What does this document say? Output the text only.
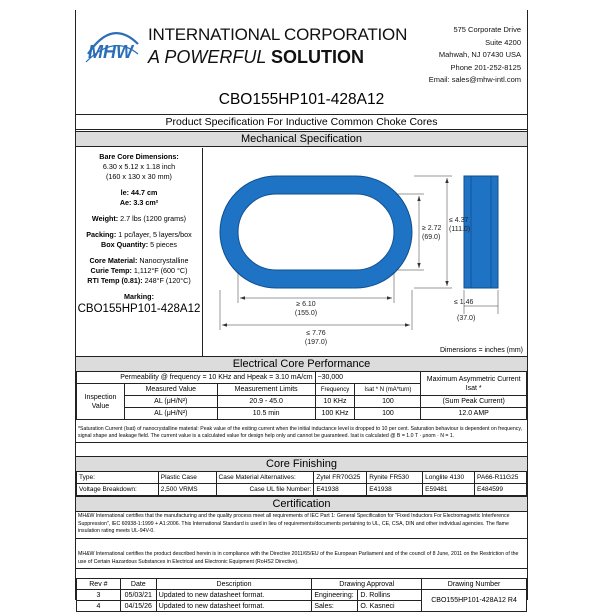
MHW
INTERNATIONAL CORPORATION
A POWERFUL SOLUTION
575 Corporate Drive
Suite 4200
Mahwah, NJ 07430 USA
Phone 201-252-8125
Email: sales@mhw-intl.com
CBO155HP101-428A12
Product Specification For Inductive Common Choke Cores
Mechanical Specification
Bare Core Dimensions:
6.30 x 5.12 x 1.18 inch
(160 x 130 x 30 mm)
le: 44.7 cm
Ae: 3.3 cm²
Weight: 2.7 lbs (1200 grams)
Packing: 1 pc/layer, 5 layers/box
Box Quantity: 5 pieces
Core Material: Nanocrystalline
Curie Temp: 1,112°F (600 °C)
RTI Temp (0.81): 248°F (120°C)
Marking:
CBO155HP101-428A12	≥ 6.10
(155.0)
≤ 7.76
(197.0)
≥ 2.72
(69.0)
≤ 4.37
(111.0)
≤ 1.46
(37.0)
Dimensions = inches (mm)
Electrical Core Performance
Permeability @ frequency = 10 KHz and Hpeak = 3.10 mA/cm			~30,000		Maximum Asymmetric Current Isat *
Inspection Value	Measured Value	Measurement Limits	Frequency	Isat * N (mA*turn)	
	AL (μH/N²)	20.9 - 45.0	10 KHz	100	(Sum Peak Current)
	AL (μH/N²)	10.5 min	100 KHz	100	12.0 AMP
*Saturation Current (Isat) of nanocrystalline material: Peak value of the exiting current when the initial inductance level is dropped to 10 per cent. Saturation behaviour is dependent on frequency, signal shape and leakage field. The current value is a calculated value for design help only and cannot be guaranteed. Isat is calculated @ B = 1.0 T · μnom · N = 1.
Core Finishing
Type:	Plastic Case	Case Material Alternatives:	Zytel FR70G25	Rynite FR530	Longlite 4130	PA66-R11G25
Voltage Breakdown:	2,500 VRMS	Case UL file Number:	E41938	E41938	E59481	E484599
Certification
MH&W International certifies that the manufacturing and the quality process meet all requirements of IEC Part 1: General Specification for "Fixed Inductors For Electromagnetic Interference Suppression", IEC 60938-1:1999 + A1:2006. This International Standard is used in lieu of requirements/documents pertaining to UL, CE, CSA, DIN and other individual agencies. The flame insulation rating meets UL-94V-0.
MH&W International certifies the product described herein is in compliance with the Directive 2011/65/EU of the European Parliament and of the council of 8 June, 2011 on the Restriction of the use of Certain Hazardous Substances in Electrical and Electronic Equipment (RoHS2 Directive).
Rev #	Date	Description	Drawing Approval		Drawing Number
3	05/03/21	Updated to new datasheet format.	Engineering:	D. Rollins	CBO155HP101-428A12 R4
4	04/15/26	Updated to new datasheet format.	Sales:	O. Kasneci	
